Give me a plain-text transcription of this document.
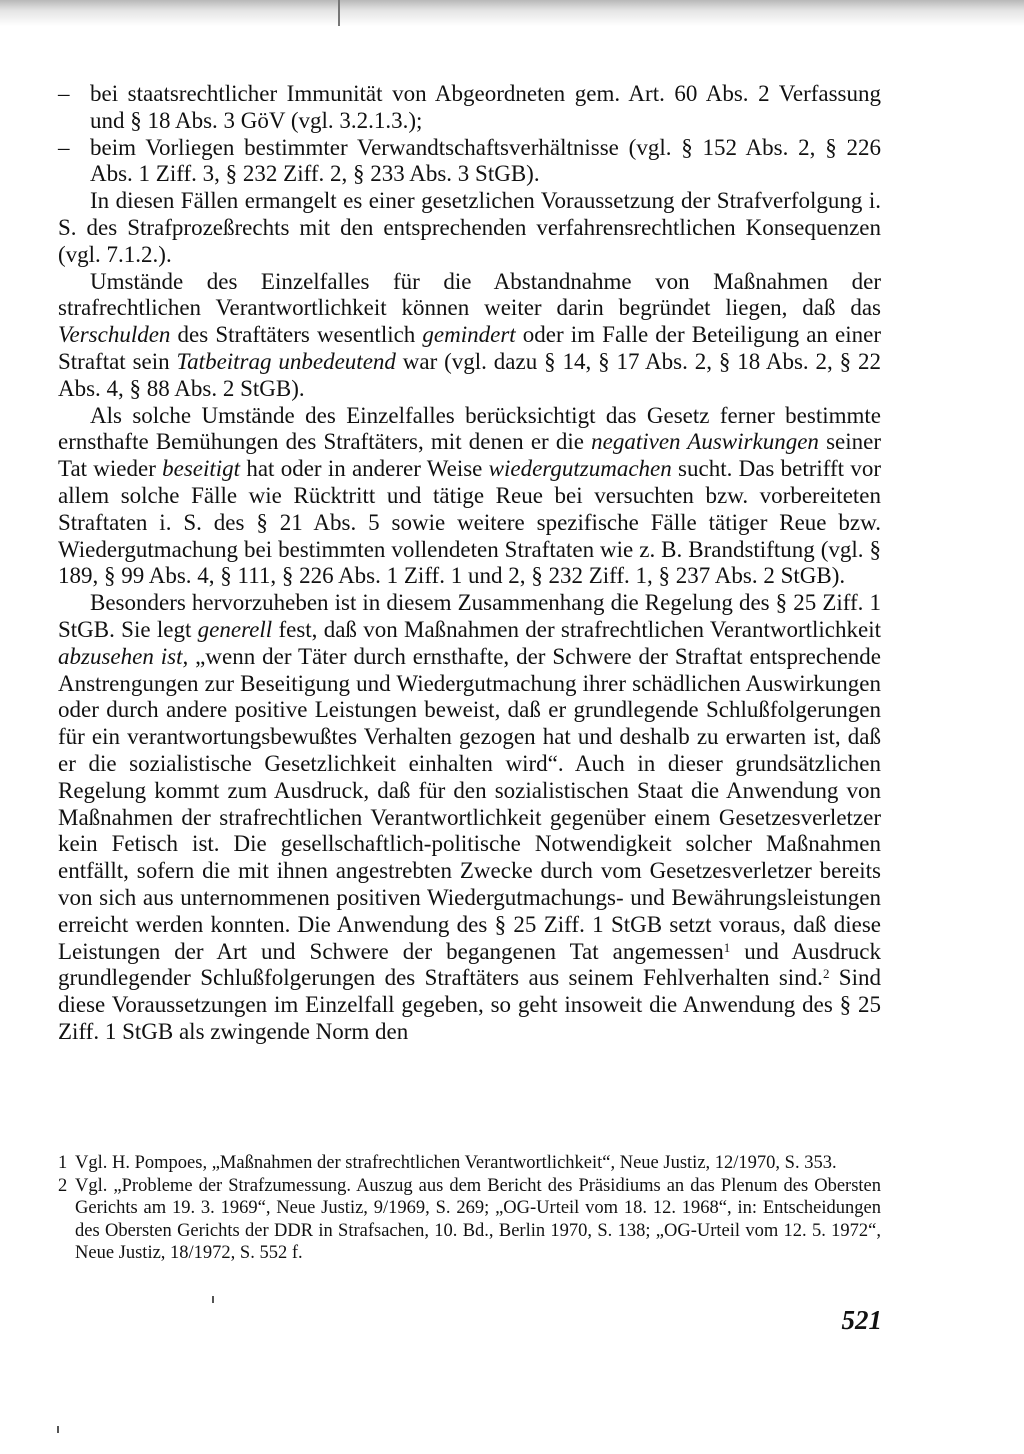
– bei staatsrechtlicher Immunität von Abgeordneten gem. Art. 60 Abs. 2 Verfassung und § 18 Abs. 3 GöV (vgl. 3.2.1.3.);

– beim Vorliegen bestimmter Verwandtschaftsverhältnisse (vgl. § 152 Abs. 2, § 226 Abs. 1 Ziff. 3, § 232 Ziff. 2, § 233 Abs. 3 StGB).

In diesen Fällen ermangelt es einer gesetzlichen Voraussetzung der Strafverfolgung i. S. des Strafprozeßrechts mit den entsprechenden verfahrensrechtlichen Konsequenzen (vgl. 7.1.2.).

Umstände des Einzelfalles für die Abstandnahme von Maßnahmen der strafrechtlichen Verantwortlichkeit können weiter darin begründet liegen, daß das Verschulden des Straftäters wesentlich gemindert oder im Falle der Beteiligung an einer Straftat sein Tatbeitrag unbedeutend war (vgl. dazu § 14, § 17 Abs. 2, § 18 Abs. 2, § 22 Abs. 4, § 88 Abs. 2 StGB).

Als solche Umstände des Einzelfalles berücksichtigt das Gesetz ferner bestimmte ernsthafte Bemühungen des Straftäters, mit denen er die negativen Auswirkungen seiner Tat wieder beseitigt hat oder in anderer Weise wiedergutzumachen sucht. Das betrifft vor allem solche Fälle wie Rücktritt und tätige Reue bei versuchten bzw. vorbereiteten Straftaten i. S. des § 21 Abs. 5 sowie weitere spezifische Fälle tätiger Reue bzw. Wiedergutmachung bei bestimmten vollendeten Straftaten wie z. B. Brandstiftung (vgl. § 189, § 99 Abs. 4, § 111, § 226 Abs. 1 Ziff. 1 und 2, § 232 Ziff. 1, § 237 Abs. 2 StGB).

Besonders hervorzuheben ist in diesem Zusammenhang die Regelung des § 25 Ziff. 1 StGB. Sie legt generell fest, daß von Maßnahmen der strafrechtlichen Verantwortlichkeit abzusehen ist, „wenn der Täter durch ernsthafte, der Schwere der Straftat entsprechende Anstrengungen zur Beseitigung und Wiedergutmachung ihrer schädlichen Auswirkungen oder durch andere positive Leistungen beweist, daß er grundlegende Schlußfolgerungen für ein verantwortungsbewußtes Verhalten gezogen hat und deshalb zu erwarten ist, daß er die sozialistische Gesetzlichkeit einhalten wird“. Auch in dieser grundsätzlichen Regelung kommt zum Ausdruck, daß für den sozialistischen Staat die Anwendung von Maßnahmen der strafrechtlichen Verantwortlichkeit gegenüber einem Gesetzesverletzer kein Fetisch ist. Die gesellschaftlich-politische Notwendigkeit solcher Maßnahmen entfällt, sofern die mit ihnen angestrebten Zwecke durch vom Gesetzesverletzer bereits von sich aus unternommenen positiven Wiedergutmachungs- und Bewährungsleistungen erreicht werden konnten. Die Anwendung des § 25 Ziff. 1 StGB setzt voraus, daß diese Leistungen der Art und Schwere der begangenen Tat angemessen$^1$ und Ausdruck grundlegender Schlußfolgerungen des Straftäters aus seinem Fehlverhalten sind.$^2$ Sind diese Voraussetzungen im Einzelfall gegeben, so geht insoweit die Anwendung des § 25 Ziff. 1 StGB als zwingende Norm den

1 Vgl. H. Pompoes, „Maßnahmen der strafrechtlichen Verantwortlichkeit“, Neue Justiz, 12/1970, S. 353.

2 Vgl. „Probleme der Strafzumessung. Auszug aus dem Bericht des Präsidiums an das Plenum des Obersten Gerichts am 19. 3. 1969“, Neue Justiz, 9/1969, S. 269; „OG-Urteil vom 18. 12. 1968“, in: Entscheidungen des Obersten Gerichts der DDR in Strafsachen, 10. Bd., Berlin 1970, S. 138; „OG-Urteil vom 12. 5. 1972“, Neue Justiz, 18/1972, S. 552 f.

521
